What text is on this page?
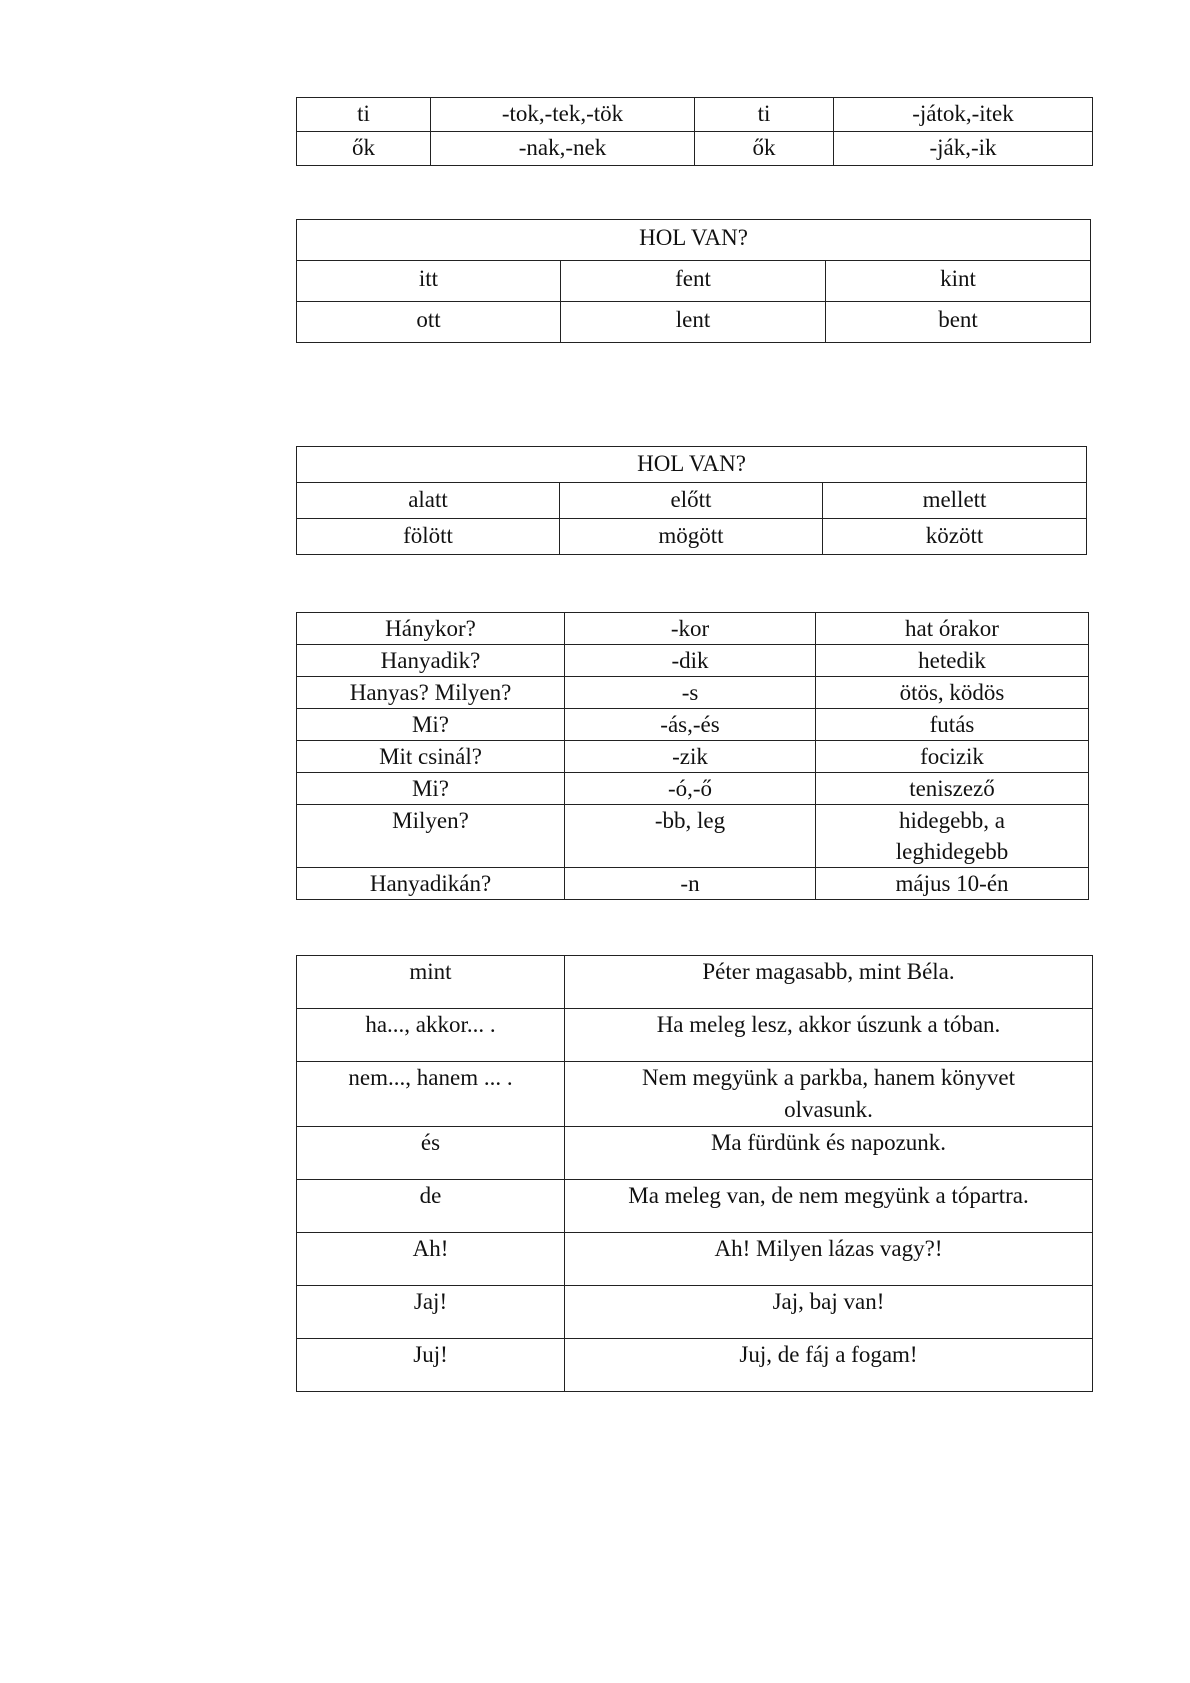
ti	-tok,-tek,-tök	ti	-játok,-itek
ők	-nak,-nek	ők	-ják,-ik
HOL VAN?		
itt	fent	kint
ott	lent	bent
HOL VAN?		
alatt	előtt	mellett
fölött	mögött	között
Hánykor?	-kor	hat órakor
Hanyadik?	-dik	hetedik
Hanyas? Milyen?	-s	ötös, ködös
Mi?	-ás,-és	futás
Mit csinál?	-zik	focizik
Mi?	-ó,-ő	teniszező
Milyen?	-bb, leg	hidegebb, a leghidegebb
Hanyadikán?	-n	május 10-én
mint	Péter magasabb, mint Béla.
ha..., akkor... .	Ha meleg lesz, akkor úszunk a tóban.
nem..., hanem ... .	Nem megyünk a parkba, hanem könyvet olvasunk.
és	Ma fürdünk és napozunk.
de	Ma meleg van, de nem megyünk a tópartra.
Ah!	Ah! Milyen lázas vagy?!
Jaj!	Jaj, baj van!
Juj!	Juj, de fáj a fogam!
